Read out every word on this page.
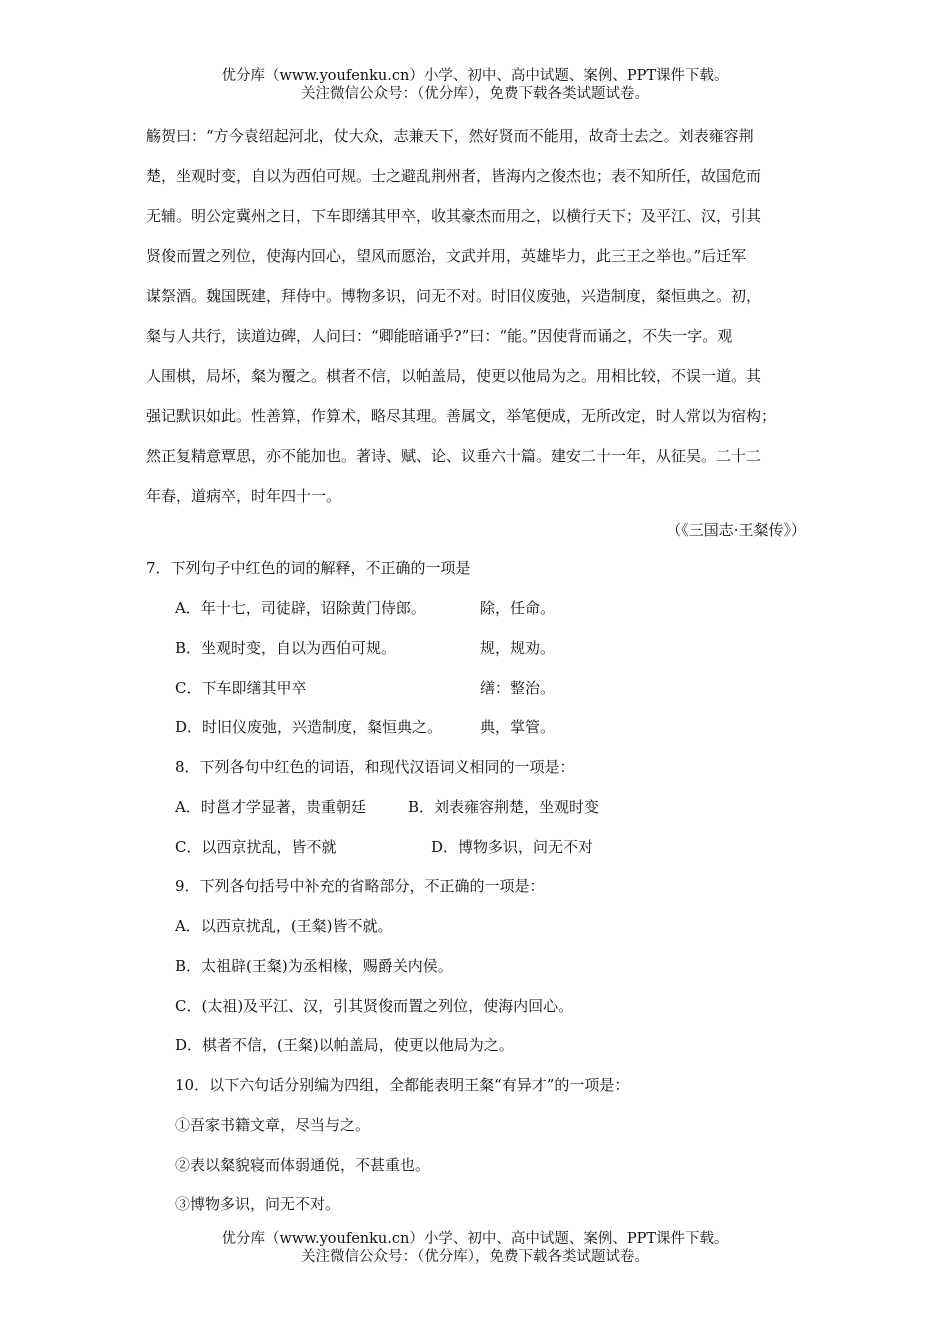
优分库（www.youfenku.cn）小学、初中、高中试题、案例、PPT课件下载。
关注微信公众号：（优分库），免费下载各类试题试卷。
觞贺曰：“方今袁绍起河北，仗大众，志兼天下，然好贤而不能用，故奇士去之。刘表雍容荆
楚，坐观时变，自以为西伯可规。士之避乱荆州者，皆海内之俊杰也；表不知所任，故国危而
无辅。明公定冀州之日，下车即缮其甲卒，收其豪杰而用之，以横行天下；及平江、汉，引其
贤俊而置之列位，使海内回心，望风而愿治，文武并用，英雄毕力，此三王之举也。”后迁军
谋祭酒。魏国既建，拜侍中。博物多识，问无不对。时旧仪废弛，兴造制度，粲恒典之。初，
粲与人共行，读道边碑，人问曰：“卿能暗诵乎?”曰：“能。”因使背而诵之，不失一字。观
人围棋，局坏，粲为覆之。棋者不信，以帕盖局，使更以他局为之。用相比较，不误一道。其
强记默识如此。性善算，作算术，略尽其理。善属文，举笔便成，无所改定，时人常以为宿构；
然正复精意覃思，亦不能加也。著诗、赋、论、议垂六十篇。建安二十一年，从征吴。二十二
年春，道病卒，时年四十一。
（《三国志·王粲传》）
7．下列句子中红色的词的解释，不正确的一项是
A．年十七，司徒辟，诏除黄门侍郎。	除，任命。
B．坐观时变，自以为西伯可规。	规，规劝。
C．下车即缮其甲卒	缮：整治。
D．时旧仪废弛，兴造制度，粲恒典之。	典，掌管。
8．下列各句中红色的词语，和现代汉语词义相同的一项是：
A．时邕才学显著，贵重朝廷	B．刘表雍容荆楚，坐观时变
C．以西京扰乱，皆不就	D．博物多识，问无不对
9．下列各句括号中补充的省略部分，不正确的一项是：
A．以西京扰乱，(王粲)皆不就。
B．太祖辟(王粲)为丞相椽，赐爵关内侯。
C．(太祖)及平江、汉，引其贤俊而置之列位，使海内回心。
D．棋者不信，(王粲)以帕盖局，使更以他局为之。
10．以下六句话分别编为四组，全都能表明王粲“有异才”的一项是：
①吾家书籍文章，尽当与之。
②表以粲貌寝而体弱通侻，不甚重也。
③博物多识，问无不对。
优分库（www.youfenku.cn）小学、初中、高中试题、案例、PPT课件下载。
关注微信公众号：（优分库），免费下载各类试题试卷。
